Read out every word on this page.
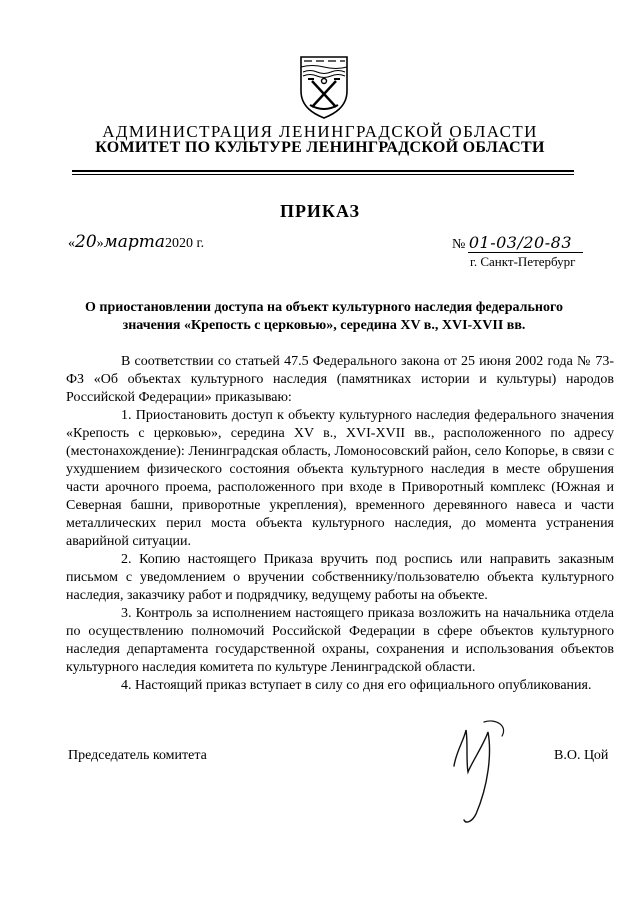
АДМИНИСТРАЦИЯ ЛЕНИНГРАДСКОЙ ОБЛАСТИ
КОМИТЕТ ПО КУЛЬТУРЕ ЛЕНИНГРАДСКОЙ ОБЛАСТИ
ПРИКАЗ
«20»марта2020 г.	№ 01-03/20-83
г. Санкт-Петербург
О приостановлении доступа на объект культурного наследия федерального значения «Крепость с церковью», середина XV в., XVI-XVII вв.

В соответствии со статьей 47.5 Федерального закона от 25 июня 2002 года № 73-ФЗ «Об объектах культурного наследия (памятниках истории и культуры) народов Российской Федерации» приказываю:

1. Приостановить доступ к объекту культурного наследия федерального значения «Крепость с церковью», середина XV в., XVI-XVII вв., расположенного по адресу (местонахождение): Ленинградская область, Ломоносовский район, село Копорье, в связи с ухудшением физического состояния объекта культурного наследия в месте обрушения части арочного проема, расположенного при входе в Приворотный комплекс (Южная и Северная башни, приворотные укрепления), временного деревянного навеса и части металлических перил моста объекта культурного наследия, до момента устранения аварийной ситуации.

2. Копию настоящего Приказа вручить под роспись или направить заказным письмом с уведомлением о вручении собственнику/пользователю объекта культурного наследия, заказчику работ и подрядчику, ведущему работы на объекте.

3. Контроль за исполнением настоящего приказа возложить на начальника отдела по осуществлению полномочий Российской Федерации в сфере объектов культурного наследия департамента государственной охраны, сохранения и использования объектов культурного наследия комитета по культуре Ленинградской области.

4. Настоящий приказ вступает в силу со дня его официального опубликования.

Председатель комитета	В.О. Цой
